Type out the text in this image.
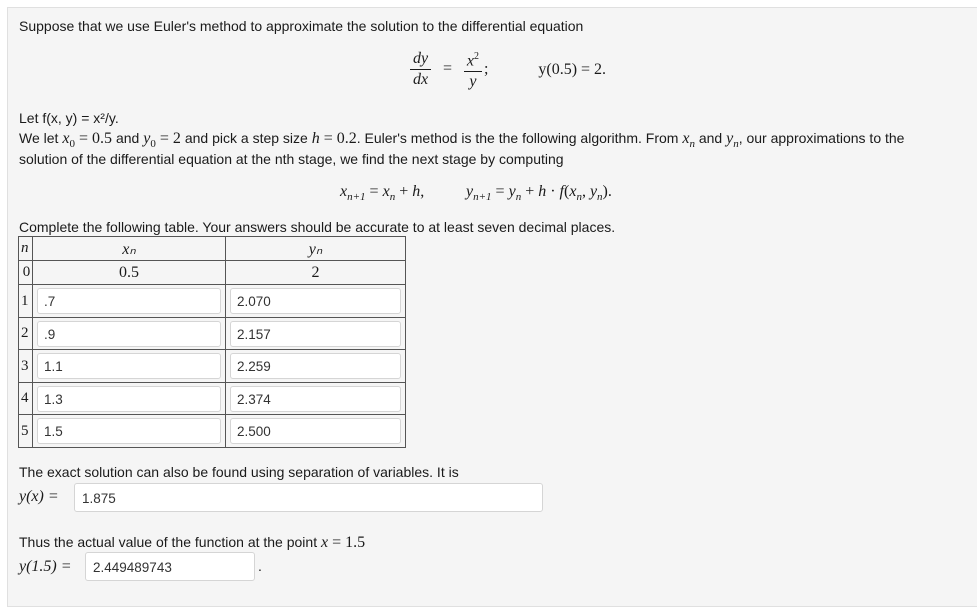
Suppose that we use Euler's method to approximate the solution to the differential equation
$\frac{dy}{dx} = \frac{x^2}{y}$ ;	y(0.5) = 2.
Let f(x, y) = x²/y.
We let $x_0 = 0.5$ and $y_0 = 2$ and pick a step size h = 0.2. Euler's method is the the following algorithm. From $x_n$ and $y_n$, our approximations to the
solution of the differential equation at the nth stage, we find the next stage by computing
$x_{n+1} = x_n + h$,	$y_{n+1} = y_n + h \cdot f(x_n$, $y_n$).
Complete the following table. Your answers should be accurate to at least seven decimal places.
n	xₙ	yₙ
0	0.5	2
1	.7	2.070

2	.9	2.157

3	1.1	2.259

4	1.3	2.374

5	1.5	2.500
The exact solution can also be found using separation of variables. It is
y(x) =	1.875
Thus the actual value of the function at the point x = 1.5
y(1.5) =	2.449489743	.
